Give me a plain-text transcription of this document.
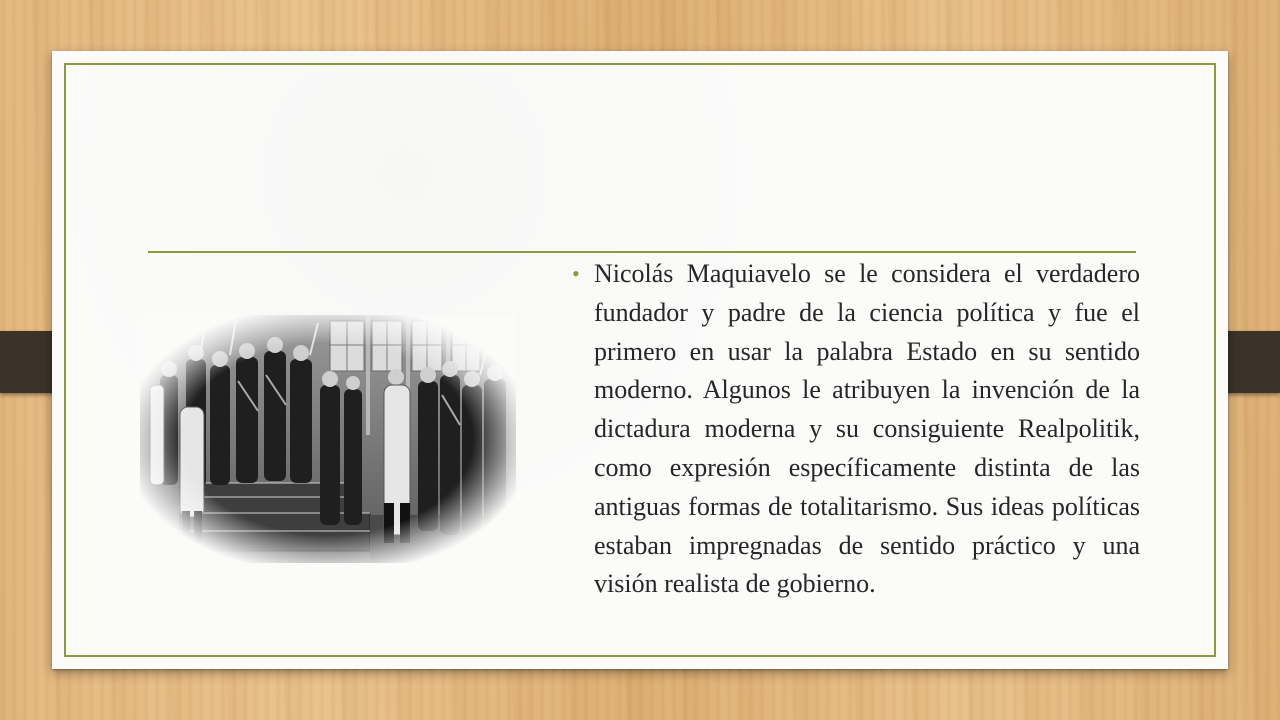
• Nicolás Maquiavelo se le considera el verdadero fundador y padre de la ciencia política y fue el primero en usar la palabra Estado en su sentido moderno. Algunos le atribuyen la invención de la dictadura moderna y su consiguiente Realpolitik, como expresión específicamente distinta de las antiguas formas de totalitarismo. Sus ideas políticas estaban impregnadas de sentido práctico y una visión realista de gobierno.
